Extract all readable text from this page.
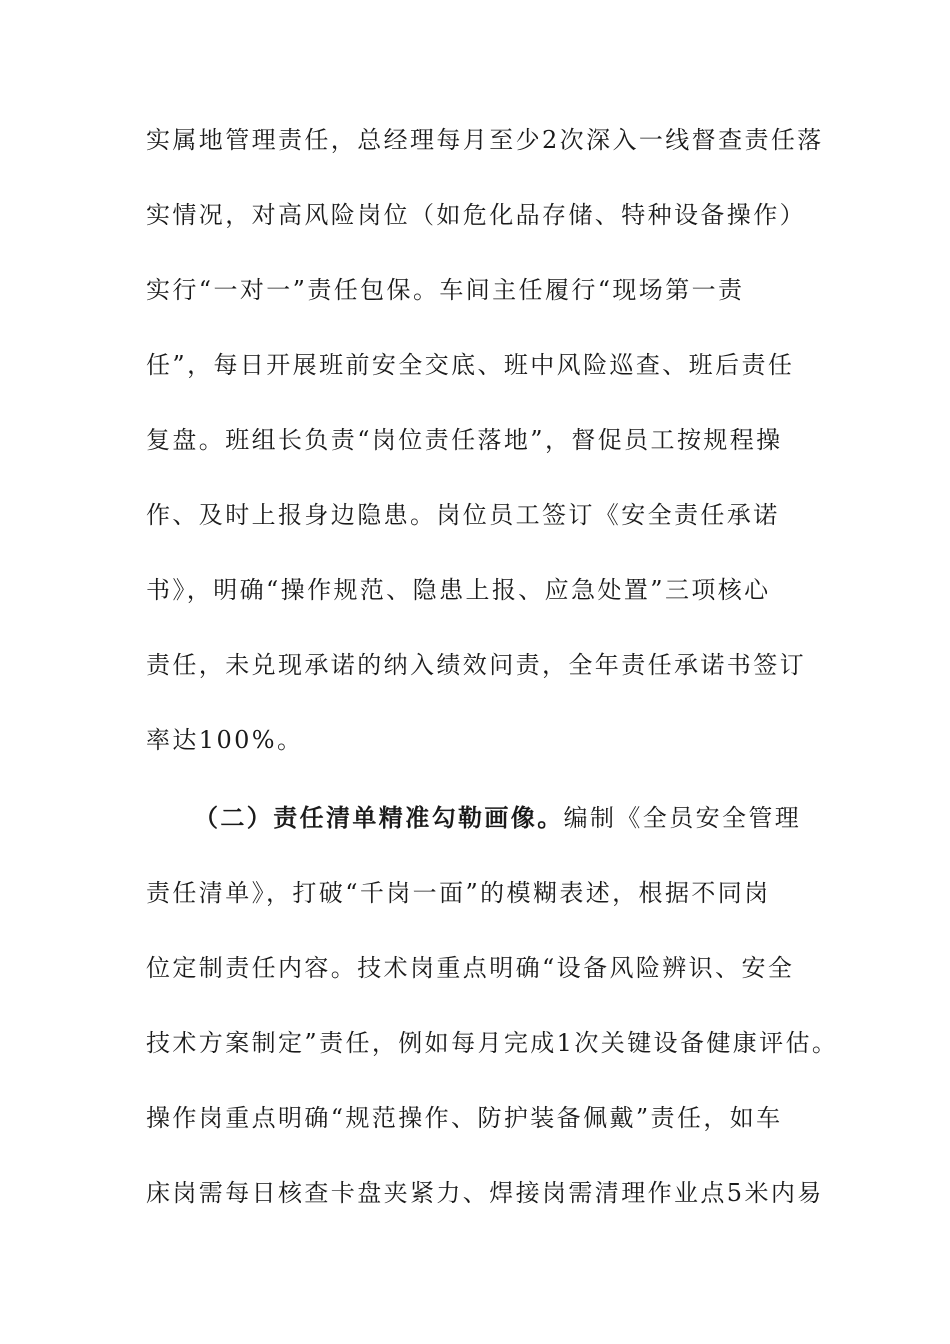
实属地管理责任，总经理每月至少2次深入一线督查责任落
实情况，对高风险岗位（如危化品存储、特种设备操作）
实行“一对一”责任包保。车间主任履行“现场第一责
任”，每日开展班前安全交底、班中风险巡查、班后责任
复盘。班组长负责“岗位责任落地”，督促员工按规程操
作、及时上报身边隐患。岗位员工签订《安全责任承诺
书》，明确“操作规范、隐患上报、应急处置”三项核心
责任，未兑现承诺的纳入绩效问责，全年责任承诺书签订
率达100%。
（二）责任清单精准勾勒画像。编制《全员安全管理
责任清单》，打破“千岗一面”的模糊表述，根据不同岗
位定制责任内容。技术岗重点明确“设备风险辨识、安全
技术方案制定”责任，例如每月完成1次关键设备健康评估。
操作岗重点明确“规范操作、防护装备佩戴”责任，如车
床岗需每日核查卡盘夹紧力、焊接岗需清理作业点5米内易
